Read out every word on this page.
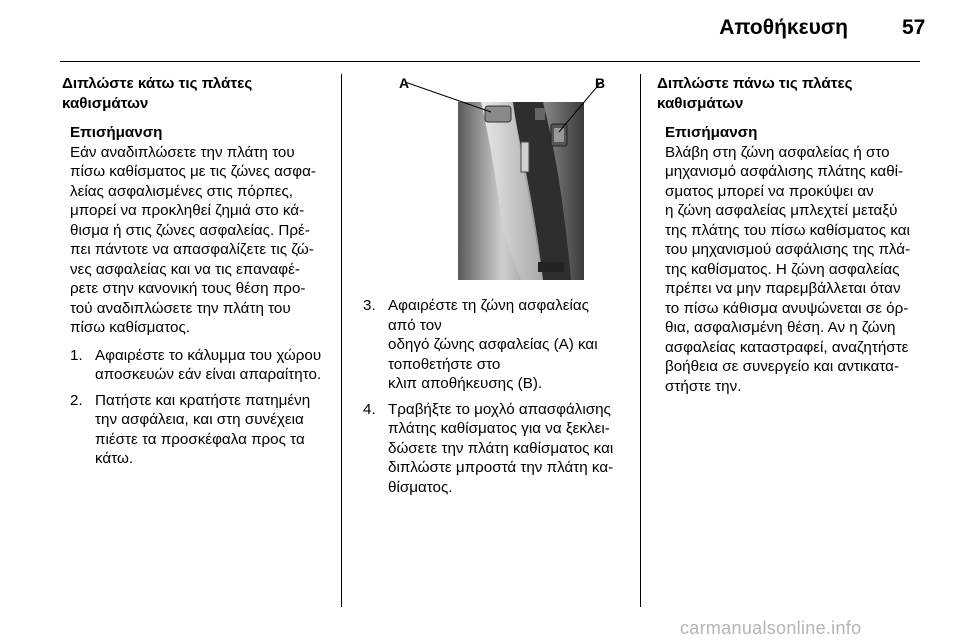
Αποθήκευση	57
Διπλώστε κάτω τις πλάτες
καθισμάτων
Επισήμανση
Εάν αναδιπλώσετε την πλάτη του
πίσω καθίσματος με τις ζώνες ασφα-
λείας ασφαλισμένες στις πόρπες,
μπορεί να προκληθεί ζημιά στο κά-
θισμα ή στις ζώνες ασφαλείας. Πρέ-
πει πάντοτε να απασφαλίζετε τις ζώ-
νες ασφαλείας και να τις επαναφέ-
ρετε στην κανονική τους θέση προ-
τού αναδιπλώσετε την πλάτη του
πίσω καθίσματος.
1. Αφαιρέστε το κάλυμμα του χώρου
αποσκευών εάν είναι απαραίτητο.
2. Πατήστε και κρατήστε πατημένη
την ασφάλεια, και στη συνέχεια
πιέστε τα προσκέφαλα προς τα
κάτω.
A	B
3. Αφαιρέστε τη ζώνη ασφαλείας
από τον
οδηγό ζώνης ασφαλείας (A) και
τοποθετήστε στο
κλιπ αποθήκευσης (B).
4. Τραβήξτε το μοχλό απασφάλισης
πλάτης καθίσματος για να ξεκλει-
δώσετε την πλάτη καθίσματος και
διπλώστε μπροστά την πλάτη κα-
θίσματος.
Διπλώστε πάνω τις πλάτες
καθισμάτων
Επισήμανση
Βλάβη στη ζώνη ασφαλείας ή στο
μηχανισμό ασφάλισης πλάτης καθί-
σματος μπορεί να προκύψει αν
η ζώνη ασφαλείας μπλεχτεί μεταξύ
της πλάτης του πίσω καθίσματος και
του μηχανισμού ασφάλισης της πλά-
της καθίσματος. Η ζώνη ασφαλείας
πρέπει να μην παρεμβάλλεται όταν
το πίσω κάθισμα ανυψώνεται σε όρ-
θια, ασφαλισμένη θέση. Αν η ζώνη
ασφαλείας καταστραφεί, αναζητήστε
βοήθεια σε συνεργείο και αντικατα-
στήστε την.
carmanualsonline.info
